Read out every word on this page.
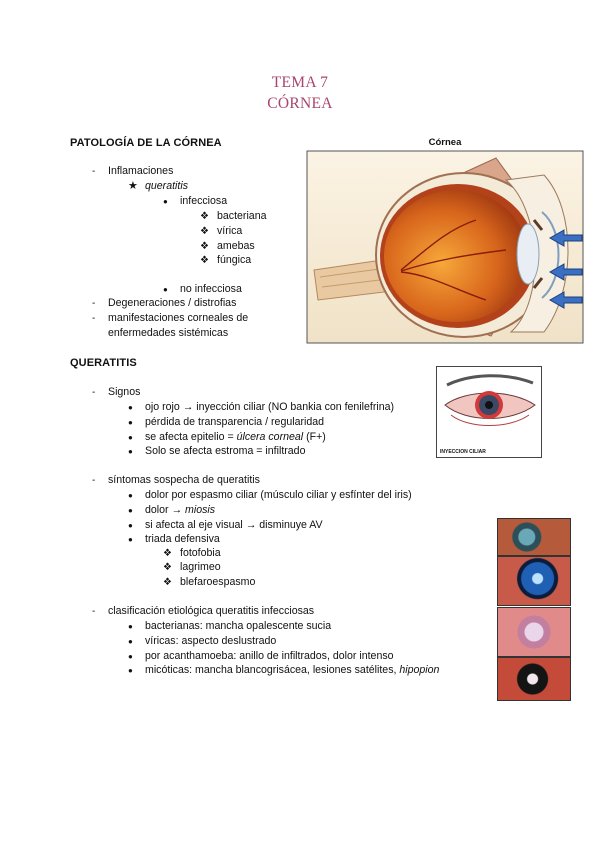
TEMA 7
CÓRNEA
PATOLOGÍA DE LA CÓRNEA
- Inflamaciones
★ queratitis
● infecciosa
❖ bacteriana
❖ vírica
❖ amebas
❖ fúngica
● no infecciosa
- Degeneraciones / distrofias
- manifestaciones corneales de
enfermedades sistémicas
Córnea
QUERATITIS
- Signos
● ojo rojo → inyección ciliar (NO bankia con fenilefrina)
● pérdida de transparencia / regularidad
● se afecta epitelio = úlcera corneal (F+)
● Solo se afecta estroma = infiltrado	INYECCION CILIAR
- síntomas sospecha de queratitis
● dolor por espasmo ciliar (músculo ciliar y esfínter del iris)
● dolor → miosis
● si afecta al eje visual → disminuye AV
● triada defensiva
❖ fotofobia
❖ lagrimeo
❖ blefaroespasmo
- clasificación etiológica queratitis infecciosas
● bacterianas: mancha opalescente sucia
● víricas: aspecto deslustrado
● por acanthamoeba: anillo de infiltrados, dolor intenso
● micóticas: mancha blancogrisácea, lesiones satélites, hipopion
